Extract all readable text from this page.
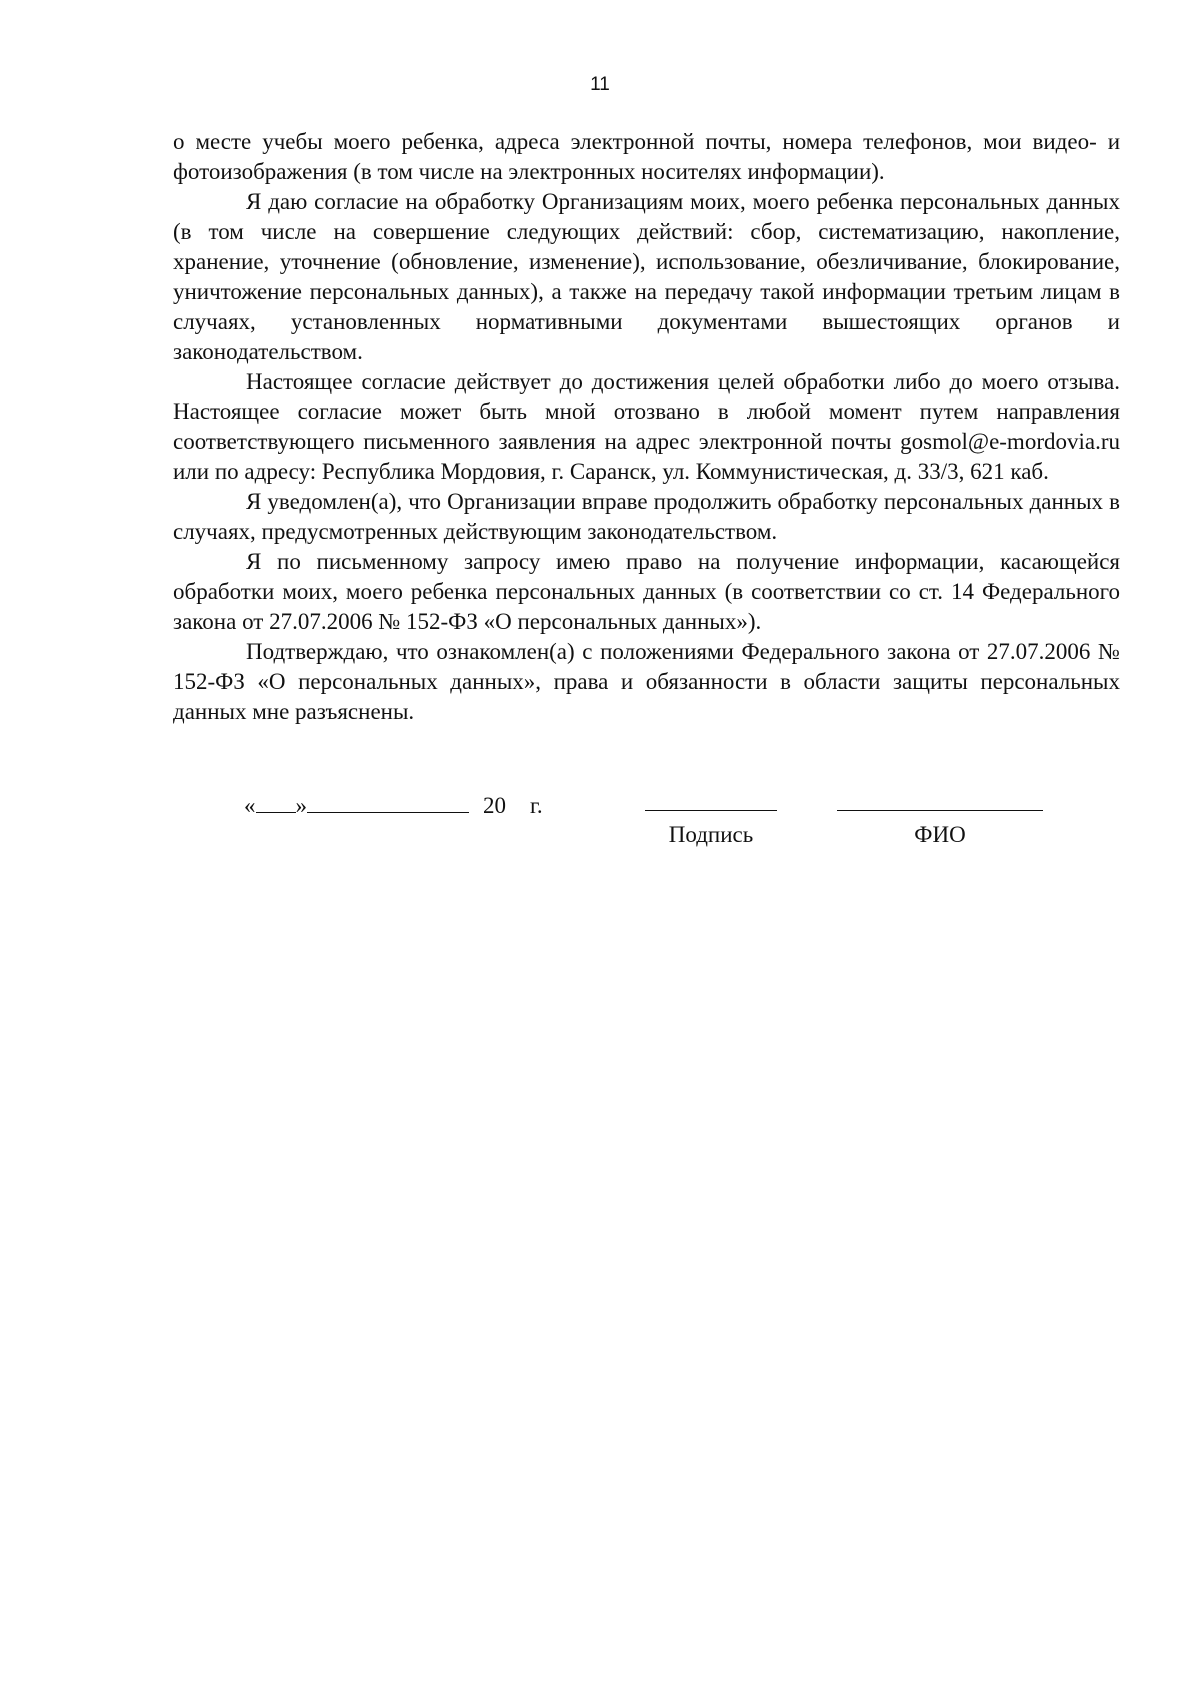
11

о месте учебы моего ребенка, адреса электронной почты, номера телефонов, мои видео- и фотоизображения (в том числе на электронных носителях информации).

Я даю согласие на обработку Организациям моих, моего ребенка персональных данных (в том числе на совершение следующих действий: сбор, систематизацию, накопление, хранение, уточнение (обновление, изменение), использование, обезличивание, блокирование, уничтожение персональных данных), а также на передачу такой информации третьим лицам в случаях, установленных нормативными документами вышестоящих органов и законодательством.

Настоящее согласие действует до достижения целей обработки либо до моего отзыва. Настоящее согласие может быть мной отозвано в любой момент путем направления соответствующего письменного заявления на адрес электронной почты gosmol@e-mordovia.ru или по адресу: Республика Мордовия, г. Саранск, ул. Коммунистическая, д. 33/3, 621 каб.

Я уведомлен(а), что Организации вправе продолжить обработку персональных данных в случаях, предусмотренных действующим законодательством.

Я по письменному запросу имею право на получение информации, касающейся обработки моих, моего ребенка персональных данных (в соответствии со ст. 14 Федерального закона от 27.07.2006 № 152-ФЗ «О персональных данных»).

Подтверждаю, что ознакомлен(а) с положениями Федерального закона от 27.07.2006 № 152-ФЗ «О персональных данных», права и обязанности в области защиты персональных данных мне разъяснены.

« »	20 г.
Подпись	ФИО
